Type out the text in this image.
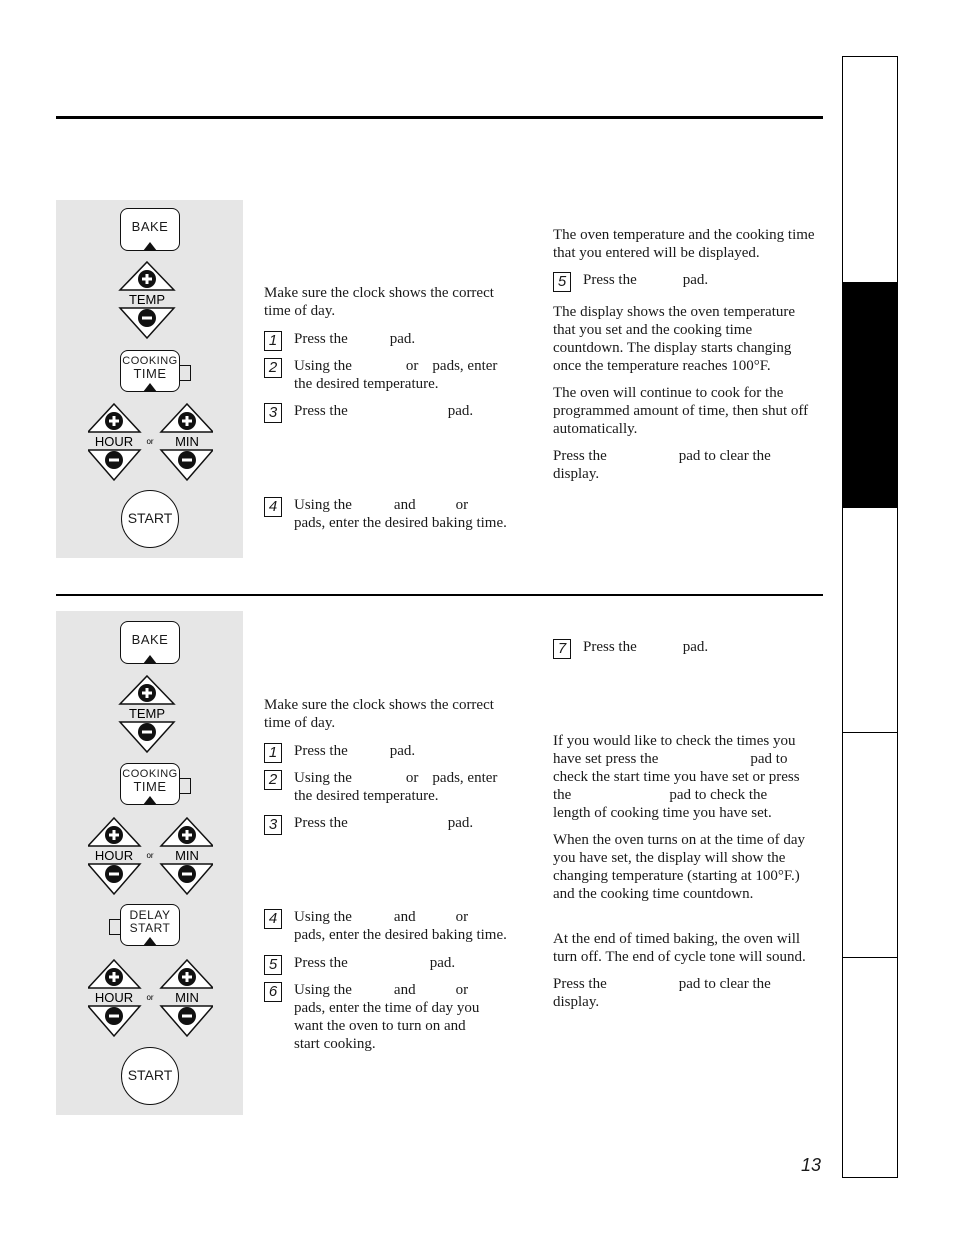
BAKE
TEMP
COOKING
TIME
HOUR or MIN
START
Make sure the clock shows the correct time of day.
1	Press the	pad.
2	Using the	or pads, enter
the desired temperature.
3	Press the	pad.
4	Using the	and	or
pads, enter the desired baking time.
The oven temperature and the cooking time that you entered will be displayed.
5	Press the	pad.
The display shows the oven temperature that you set and the cooking time countdown. The display starts changing once the temperature reaches 100°F.
The oven will continue to cook for the programmed amount of time, then shut off automatically.
Press the	pad to clear the display.
BAKE
TEMP
COOKING
TIME
HOUR or MIN
DELAY
START
HOUR or MIN
START
Make sure the clock shows the correct time of day.
1	Press the	pad.
2	Using the	or pads, enter
the desired temperature.
3	Press the	pad.
4	Using the	and	or
pads, enter the desired baking time.
5	Press the	pad.
6	Using the	and	or
pads, enter the time of day you
want the oven to turn on and
start cooking.
7	Press the	pad.
If you would like to check the times you
have set press the	pad to
check the start time you have set or press
the	pad to check the
length of cooking time you have set.
When the oven turns on at the time of day you have set, the display will show the changing temperature (starting at 100°F.) and the cooking time countdown.
At the end of timed baking, the oven will turn off. The end of cycle tone will sound.
Press the	pad to clear the display.
13
